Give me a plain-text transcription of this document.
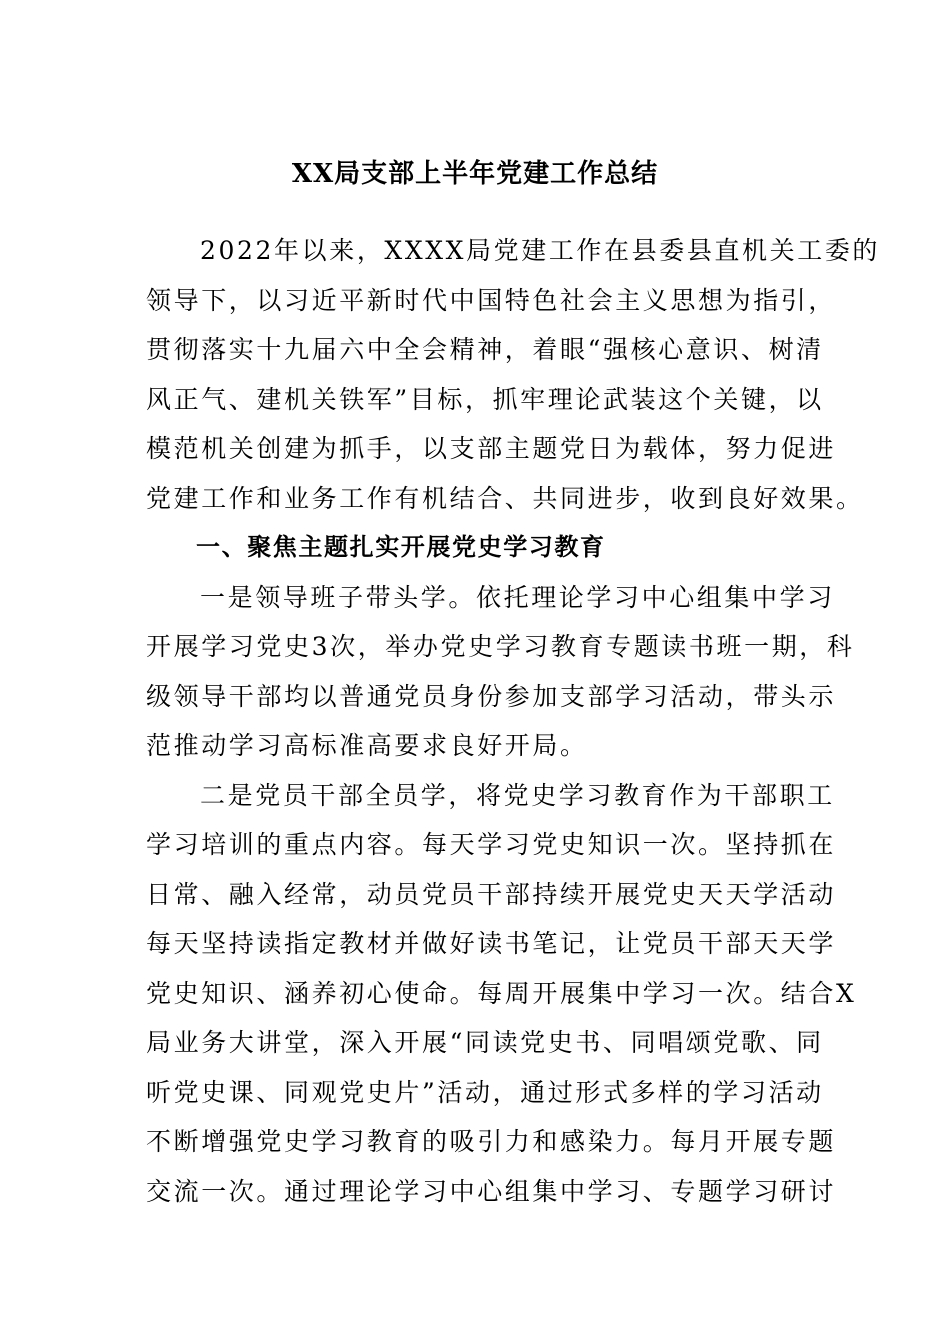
XX局支部上半年党建工作总结
2022年以来，XXXX局党建工作在县委县直机关工委的
领导下，以习近平新时代中国特色社会主义思想为指引，
贯彻落实十九届六中全会精神，着眼“强核心意识、树清
风正气、建机关铁军”目标，抓牢理论武装这个关键，以
模范机关创建为抓手，以支部主题党日为载体，努力促进
党建工作和业务工作有机结合、共同进步，收到良好效果。
一、聚焦主题扎实开展党史学习教育
一是领导班子带头学。依托理论学习中心组集中学习
开展学习党史3次，举办党史学习教育专题读书班一期，科
级领导干部均以普通党员身份参加支部学习活动，带头示
范推动学习高标准高要求良好开局。
二是党员干部全员学，将党史学习教育作为干部职工
学习培训的重点内容。每天学习党史知识一次。坚持抓在
日常、融入经常，动员党员干部持续开展党史天天学活动
每天坚持读指定教材并做好读书笔记，让党员干部天天学
党史知识、涵养初心使命。每周开展集中学习一次。结合X
局业务大讲堂，深入开展“同读党史书、同唱颂党歌、同
听党史课、同观党史片”活动，通过形式多样的学习活动
不断增强党史学习教育的吸引力和感染力。每月开展专题
交流一次。通过理论学习中心组集中学习、专题学习研讨
